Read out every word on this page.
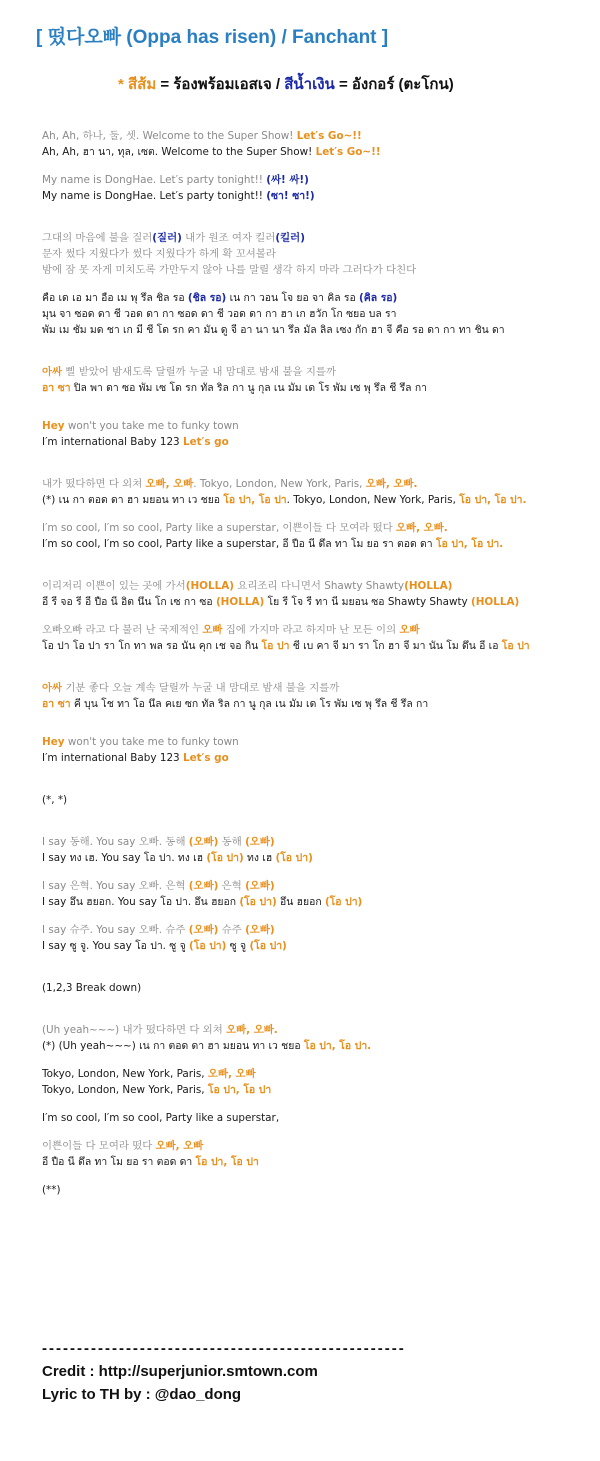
[ 떴다오빠 (Oppa has risen) / Fanchant ]
* สีส้ม = ร้องพร้อมเอสเจ / สีน้ำเงิน = อังกอร์ (ตะโกน)
Ah, Ah, 하나, 둘, 셋. Welcome to the Super Show! Let′s Go~!!
Ah, Ah, ฮา นา, ทุล, เซต. Welcome to the Super Show! Let′s Go~!!
My name is DongHae. Let′s party tonight!! (싸! 싸!)
My name is DongHae. Let′s party tonight!! (ซา! ซา!)
그대의 마음에 불을 질러(질러) 내가 원조 여자 킬러(킬러)
문자 썼다 지웠다가 썼다 지웠다가 하게 확 꼬셔볼라
밤에 잠 못 자게 미치도록 가만두지 않아 나를 말릴 생각 하지 마라 그러다가 다친다
คือ เด เอ มา อือ เม พุ รึล ชิล รอ (ชิล รอ) เน กา วอน โจ ยอ จา คิล รอ (คิล รอ)
มุน จา ซอด ดา ชี วอด ดา กา ซอด ดา ชี วอด ดา กา ฮา เก ฮวัก โก ซยอ บล รา
พัม เม ชัม มด ชา เก มี ชี โด รก คา มัน ดู จี อา นา นา รึล มัล ลิล เซง กัก ฮา จี คือ รอ ดา กา ทา ชิน ดา
아싸 삘 받았어 밤새도록 달릴까 누굴 내 맘대로 밤새 불을 지를까
อา ซา ปิล พา ดา ซอ พัม เซ โด รก ทัล ริล กา นู กุล เน มัม เด โร พัม เซ พุ รึล ชี รึล กา
Hey won't you take me to funky town
I′m international Baby 123 Let′s go
내가 떴다하면 다 외쳐 오빠, 오빠. Tokyo, London, New York, Paris, 오빠, 오빠.
(*) เน กา ตอด ดา ฮา มยอน ทา เว ชยอ โอ ปา, โอ ปา. Tokyo, London, New York, Paris, โอ ปา, โอ ปา.
I′m so cool, I′m so cool, Party like a superstar, 이쁜이들 다 모여라 떴다 오빠, 오빠.
I′m so cool, I′m so cool, Party like a superstar, อี ปือ นี ดึล ทา โม ยอ รา ตอด ดา โอ ปา, โอ ปา.
이리저리 이쁜이 있는 곳에 가서(HOLLA) 요리조리 다니면서 Shawty Shawty(HOLLA)
อี รี จอ รี อี ปือ นี อิต นึน โก เซ กา ซอ (HOLLA) โย รี โจ รี ทา นี มยอน ซอ Shawty Shawty (HOLLA)
오빠오빠 라고 다 불러 난 국제적인 오빠 집에 가지마 라고 하지마 난 모든 이의 오빠
โอ ปา โอ ปา รา โก ทา พล รอ นัน คุก เช จอ กิน โอ ปา ชี เบ คา จี มา รา โก ฮา จี มา นัน โม ดึน อี เอ โอ ปา
아싸 기분 좋다 오늘 계속 달릴까 누굴 내 맘대로 밤새 불을 지를까
อา ซา คี บุน โช ทา โอ นึล คเย ซก ทัล ริล กา นู กุล เน มัม เด โร พัม เซ พุ รึล ชี รึล กา
Hey won't you take me to funky town
I′m international Baby 123 Let′s go
(*, *)
I say 동해. You say 오빠. 동해 (오빠) 동해 (오빠)
I say ทง เฮ. You say โอ ปา. ทง เฮ (โอ ปา) ทง เฮ (โอ ปา)
I say 은혁. You say 오빠. 은혁 (오빠) 은혁 (오빠)
I say อึน ฮยอก. You say โอ ปา. อึน ฮยอก (โอ ปา) อึน ฮยอก (โอ ปา)
I say 슈주. You say 오빠. 슈주 (오빠) 슈주 (오빠)
I say ซู จู. You say โอ ปา. ซู จู (โอ ปา) ซู จู (โอ ปา)
(1,2,3 Break down)
(Uh yeah~~~) 내가 떴다하면 다 외쳐 오빠, 오빠.
(*) (Uh yeah~~~) เน กา ตอด ดา ฮา มยอน ทา เว ชยอ โอ ปา, โอ ปา.
Tokyo, London, New York, Paris, 오빠, 오빠
Tokyo, London, New York, Paris, โอ ปา, โอ ปา
I′m so cool, I′m so cool, Party like a superstar,
이쁜이들 다 모여라 떴다 오빠, 오빠
อี ปือ นี ดึล ทา โม ยอ รา ตอด ดา โอ ปา, โอ ปา
(**)
----------------------------------------------------
Credit : http://superjunior.smtown.com
Lyric to TH by : @dao_dong
